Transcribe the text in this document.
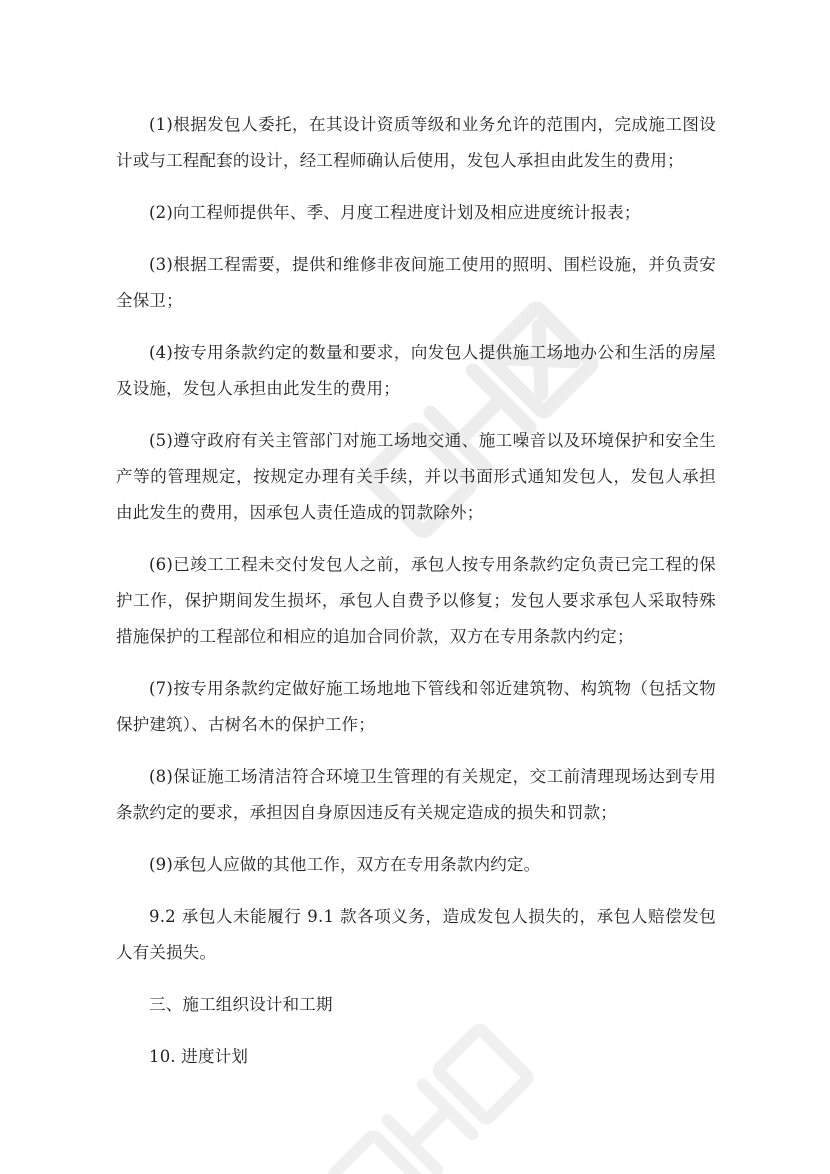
(1)根据发包人委托，在其设计资质等级和业务允许的范围内，完成施工图设计或与工程配套的设计，经工程师确认后使用，发包人承担由此发生的费用；

(2)向工程师提供年、季、月度工程进度计划及相应进度统计报表；

(3)根据工程需要，提供和维修非夜间施工使用的照明、围栏设施，并负责安全保卫；

(4)按专用条款约定的数量和要求，向发包人提供施工场地办公和生活的房屋及设施，发包人承担由此发生的费用；

(5)遵守政府有关主管部门对施工场地交通、施工噪音以及环境保护和安全生产等的管理规定，按规定办理有关手续，并以书面形式通知发包人，发包人承担由此发生的费用，因承包人责任造成的罚款除外；

(6)已竣工工程未交付发包人之前，承包人按专用条款约定负责已完工程的保护工作，保护期间发生损坏，承包人自费予以修复；发包人要求承包人采取特殊措施保护的工程部位和相应的追加合同价款，双方在专用条款内约定；

(7)按专用条款约定做好施工场地地下管线和邻近建筑物、构筑物（包括文物保护建筑）、古树名木的保护工作；

(8)保证施工场清洁符合环境卫生管理的有关规定，交工前清理现场达到专用条款约定的要求，承担因自身原因违反有关规定造成的损失和罚款；

(9)承包人应做的其他工作，双方在专用条款内约定。

9.2 承包人未能履行 9.1 款各项义务，造成发包人损失的，承包人赔偿发包人有关损失。

三、施工组织设计和工期

10. 进度计划
